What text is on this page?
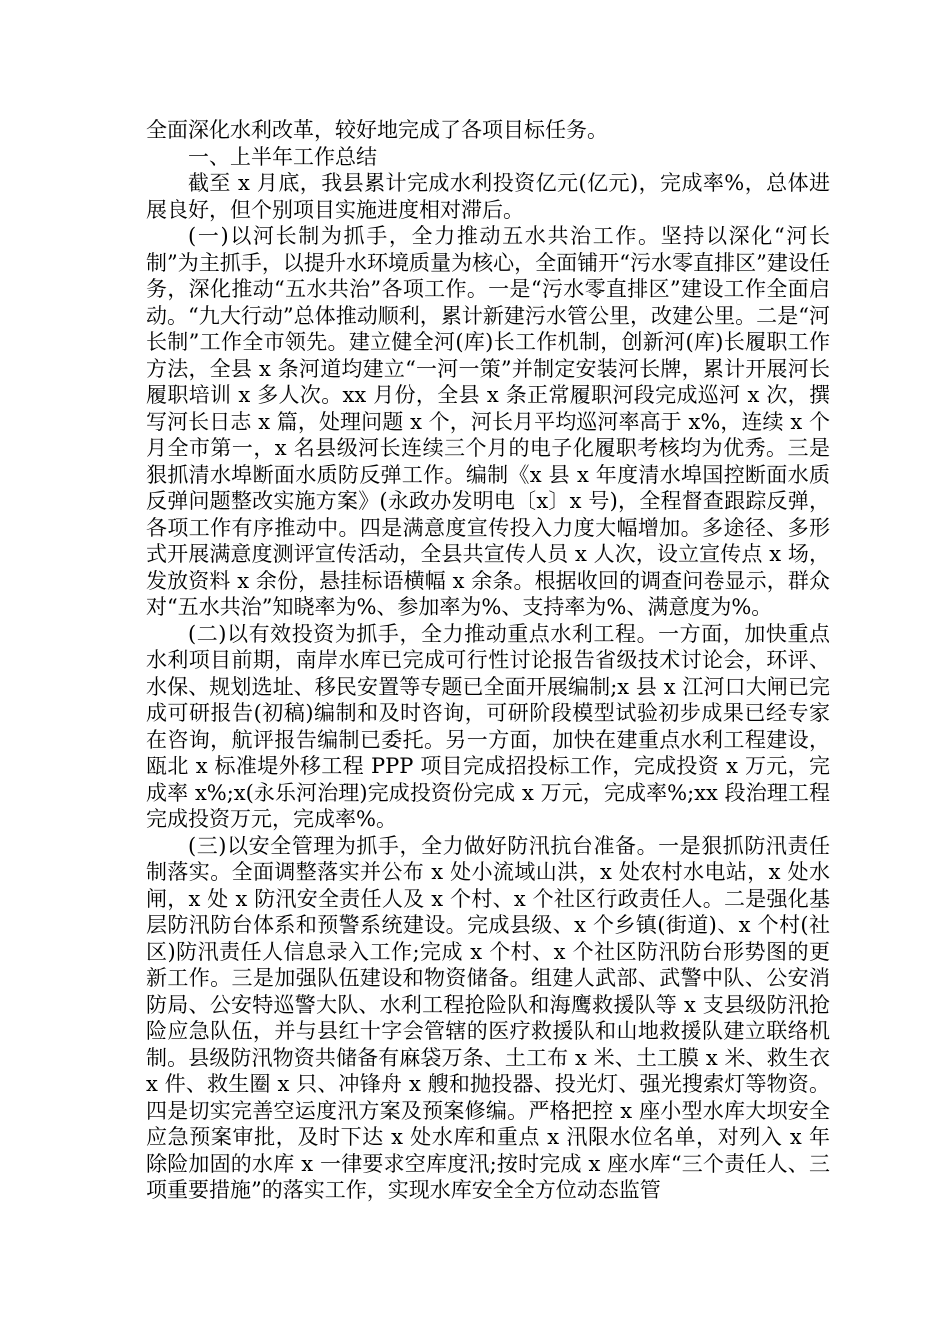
全面深化水利改革，较好地完成了各项目标任务。

一、上半年工作总结

截至 x 月底，我县累计完成水利投资亿元(亿元)，完成率%，总体进展良好，但个别项目实施进度相对滞后。

(一)以河长制为抓手，全力推动五水共治工作。坚持以深化“河长制”为主抓手，以提升水环境质量为核心，全面铺开“污水零直排区”建设任务，深化推动“五水共治”各项工作。一是“污水零直排区”建设工作全面启动。“九大行动”总体推动顺利，累计新建污水管公里，改建公里。二是“河长制”工作全市领先。建立健全河(库)长工作机制，创新河(库)长履职工作方法，全县 x 条河道均建立“一河一策”并制定安装河长牌，累计开展河长履职培训 x 多人次。xx 月份，全县 x 条正常履职河段完成巡河 x 次，撰写河长日志 x 篇，处理问题 x 个，河长月平均巡河率高于 x%，连续 x 个月全市第一，x 名县级河长连续三个月的电子化履职考核均为优秀。三是狠抓清水埠断面水质防反弹工作。编制《x 县 x 年度清水埠国控断面水质反弹问题整改实施方案》(永政办发明电〔x〕x 号)，全程督查跟踪反弹，各项工作有序推动中。四是满意度宣传投入力度大幅增加。多途径、多形式开展满意度测评宣传活动，全县共宣传人员 x 人次，设立宣传点 x 场，发放资料 x 余份，悬挂标语横幅 x 余条。根据收回的调查问卷显示，群众对“五水共治”知晓率为%、参加率为%、支持率为%、满意度为%。

(二)以有效投资为抓手，全力推动重点水利工程。一方面，加快重点水利项目前期，南岸水库已完成可行性讨论报告省级技术讨论会，环评、水保、规划选址、移民安置等专题已全面开展编制;x 县 x 江河口大闸已完成可研报告(初稿)编制和及时咨询，可研阶段模型试验初步成果已经专家在咨询，航评报告编制已委托。另一方面，加快在建重点水利工程建设，瓯北 x 标准堤外移工程 PPP 项目完成招投标工作，完成投资 x 万元，完成率 x%;x(永乐河治理)完成投资份完成 x 万元，完成率%;xx 段治理工程完成投资万元，完成率%。

(三)以安全管理为抓手，全力做好防汛抗台准备。一是狠抓防汛责任制落实。全面调整落实并公布 x 处小流域山洪，x 处农村水电站，x 处水闸，x 处 x 防汛安全责任人及 x 个村、x 个社区行政责任人。二是强化基层防汛防台体系和预警系统建设。完成县级、x 个乡镇(街道)、x 个村(社区)防汛责任人信息录入工作;完成 x 个村、x 个社区防汛防台形势图的更新工作。三是加强队伍建设和物资储备。组建人武部、武警中队、公安消防局、公安特巡警大队、水利工程抢险队和海鹰救援队等 x 支县级防汛抢险应急队伍，并与县红十字会管辖的医疗救援队和山地救援队建立联络机制。县级防汛物资共储备有麻袋万条、土工布 x 米、土工膜 x 米、救生衣 x 件、救生圈 x 只、冲锋舟 x 艘和抛投器、投光灯、强光搜索灯等物资。四是切实完善空运度汛方案及预案修编。严格把控 x 座小型水库大坝安全应急预案审批，及时下达 x 处水库和重点 x 汛限水位名单，对列入 x 年除险加固的水库 x 一律要求空库度汛;按时完成 x 座水库“三个责任人、三项重要措施”的落实工作，实现水库安全全方位动态监管
